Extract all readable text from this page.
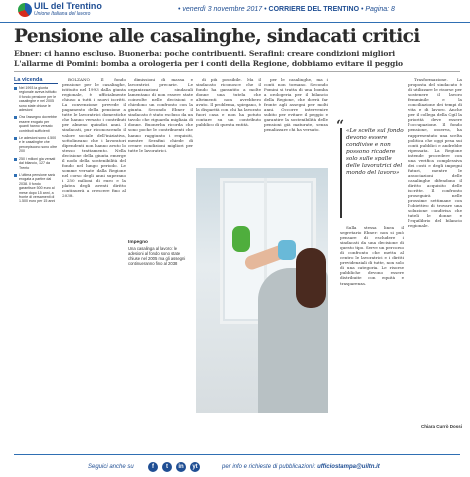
UIL del Trentino
Unione Italiana del lavoro
• venerdì 3 novembre 2017 • CORRIERE DEL TRENTINO • Pagina: 8
Pensione alle casalinghe, sindacati critici
Ebner: ci hanno escluso. Buonerba: poche contribuenti. Serafini: creare condizioni migliori
L'allarme di Pomini: bomba a orologeria per i conti della Regione, dobbiamo evitare il peggio
La vicenda
Nel 1993 la giunta regionale aveva istituito il fondo pensione per le casalinghe e nel 2005 sono state chiuse le adesioni
Ora l'assegno dovrebbe essere erogato per quanti hanno versato contributi sufficienti
Le adesioni sono 4.500 e le casalinghe che percepiscono sono oltre 200
250 i milioni gia versati dal bilancio, 127 da Trento
L'ultima pensione sarà erogata a partire dal 2038. Il fondo garantisce 500 euro al mese dopo 15 anni, a fronte di versamenti di 1.500 euro per 15 anni

BOLZANO Il fondo pensione per le casalinghe, istituito nel 1993 dalla giunta regionale, è ufficialmente chiuso a tutti i nuovi iscritti. La convenzione prevede il pagamento della pensione a tutte le lavoratrici domestiche che hanno versato i contributi per almeno quindici anni. I sindacati, pur riconoscendo il valore sociale dell'iniziativa, sottolineano che i lavoratori dipendenti non hanno avuto lo stesso trattamento. Nella decisione della giunta emerge il nodo della sostenibilità del fondo nel lungo periodo. Le somme versate dalla Regione nel corso degli anni superano i 250 milioni di euro e la platea degli aventi diritto continuerà a crescere fino al 2038.

dimissioni di massa e lavoratrici precarie. Le organizzazioni sindacali lamentano di non essere state coinvolte nelle decisioni e chiedono un confronto con la giunta. Secondo Ebner il sindacato è stato escluso da un tavolo che riguarda migliaia di donne. Buonerba ricorda che sono poche le contribuenti che hanno raggiunto i requisiti, mentre Serafini chiede di creare condizioni migliori per tutte le lavoratrici.

di più possibile. Ma il sindacato riconosce che il fondo ha garantito a molte donne una tutela che altrimenti non avrebbero avuto. Il problema, spiegano, è la disparità con chi ha lavorato fuori casa e non ha potuto contare su un contributo pubblico di questa entità.

per le casalinghe, ma i conti non tornano. Secondo Pomini si tratta di una bomba a orologeria per il bilancio della Regione, che dovrà far fronte agli assegni per molti anni. Occorre intervenire subito per evitare il peggio e garantire la sostenibilità delle pensioni già maturate, senza penalizzare chi ha versato.

Trasformazione. La proposta del sindacato è di utilizzare le risorse per sostenere il lavoro femminile e la conciliazione dei tempi di vita e di lavoro. Anche per il collega della Cgil la priorità deve essere l'occupazione. Il fondo pensione, osserva, ha rappresentato una scelta politica che oggi pesa sui conti pubblici e andrebbe ripensata. La Regione intende procedere con una verifica complessiva dei costi e degli impegni futuri, mentre le associazioni delle casalinghe difendono il diritto acquisito delle iscritte. Il confronto proseguirà nelle prossime settimane con l'obiettivo di trovare una soluzione condivisa che tuteli le donne e l'equilibrio del bilancio regionale.

Sulla stessa linea il segretario Ebner: non si può pensare di escludere i sindacati da una decisione di questo tipo. Serve un percorso di confronto che metta al centro le lavoratrici e i diritti previdenziali di tutte, non solo di una categoria. Le risorse pubbliche devono essere distribuite con equità e trasparenza.

Impegno
Una casalinga al lavoro: le adesioni al fondo sono state chiuse nel 2005 ma gli assegni continueranno fino al 2038
“ «Le scelte sul fondo devono essere condivise e non possono ricadere solo sulle spalle delle lavoratrici del mondo del lavoro»
Chiara Currò Dossi
Seguici anche su	f	t	in	yt	per info e richieste di pubblicazioni: ufficiostampa@uiltn.it
